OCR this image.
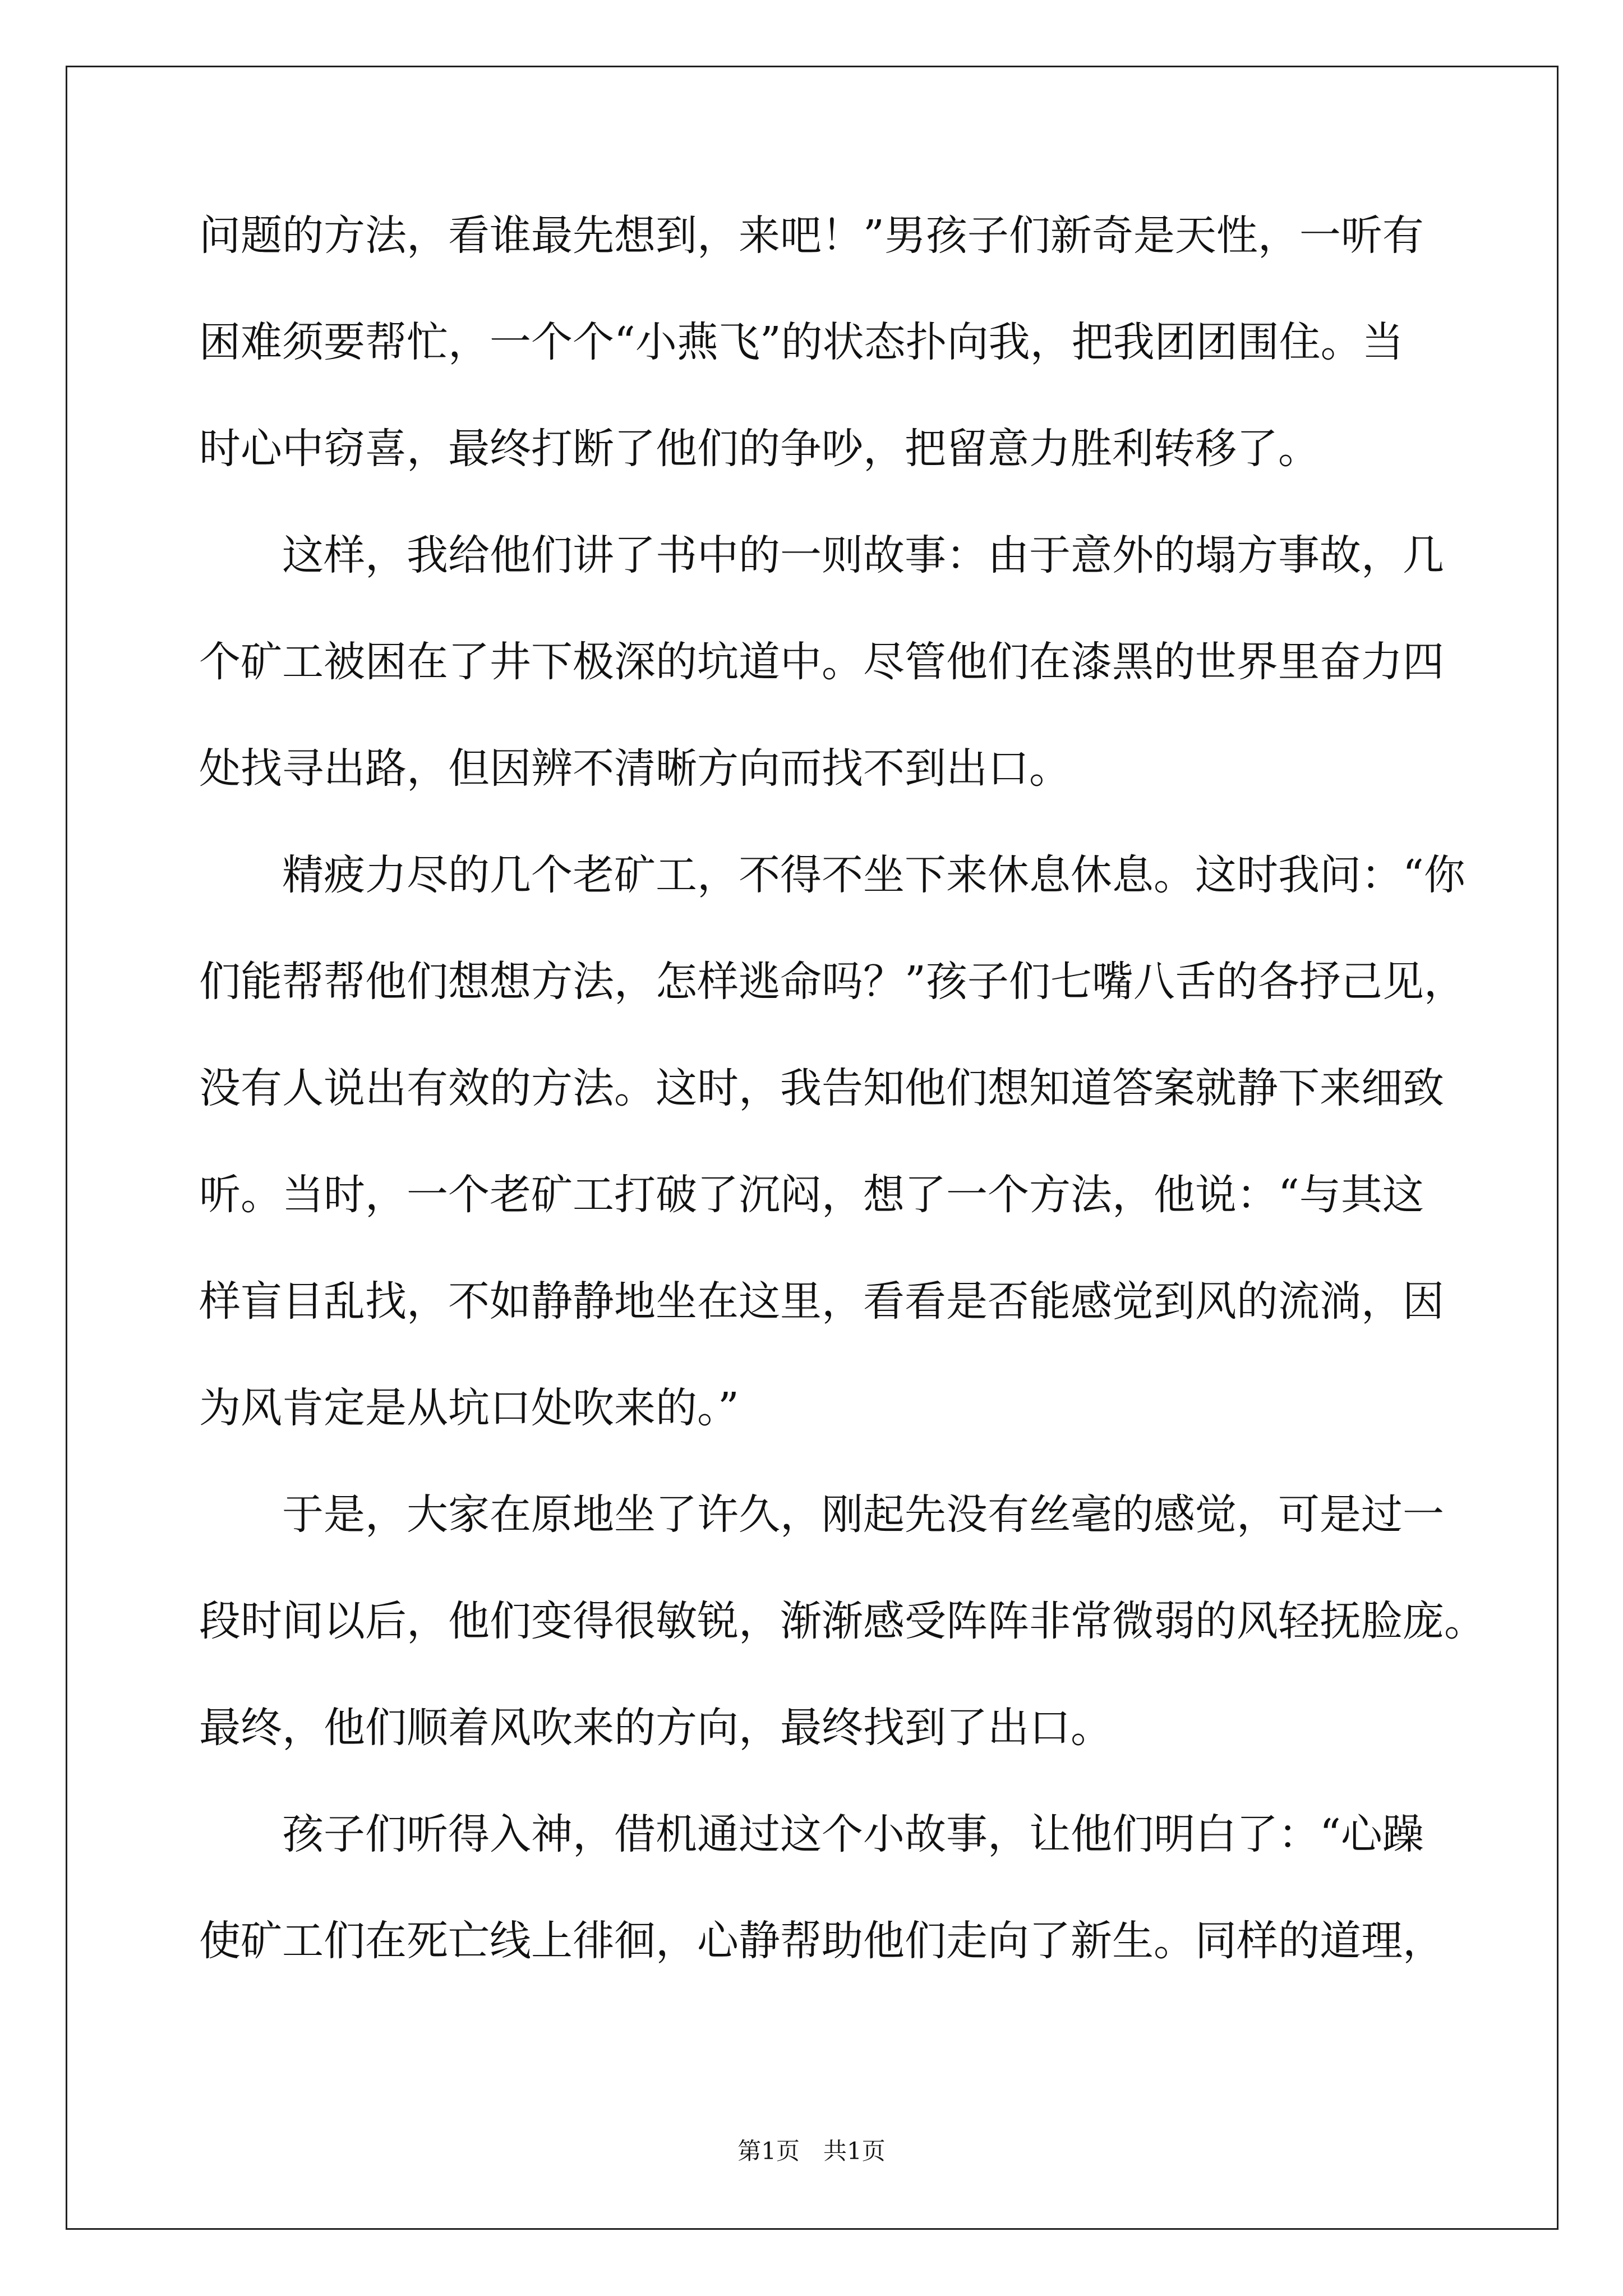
问题的方法，看谁最先想到，来吧！”男孩子们新奇是天性，一听有
困难须要帮忙，一个个“小燕飞”的状态扑向我，把我团团围住。当
时心中窃喜，最终打断了他们的争吵，把留意力胜利转移了。
这样，我给他们讲了书中的一则故事：由于意外的塌方事故，几
个矿工被困在了井下极深的坑道中。尽管他们在漆黑的世界里奋力四
处找寻出路，但因辨不清晰方向而找不到出口。
精疲力尽的几个老矿工，不得不坐下来休息休息。这时我问：“你
们能帮帮他们想想方法，怎样逃命吗？”孩子们七嘴八舌的各抒己见，
没有人说出有效的方法。这时，我告知他们想知道答案就静下来细致
听。当时，一个老矿工打破了沉闷，想了一个方法，他说：“与其这
样盲目乱找，不如静静地坐在这里，看看是否能感觉到风的流淌，因
为风肯定是从坑口处吹来的。”
于是，大家在原地坐了许久，刚起先没有丝毫的感觉，可是过一
段时间以后，他们变得很敏锐，渐渐感受阵阵非常微弱的风轻抚脸庞。
最终，他们顺着风吹来的方向，最终找到了出口。
孩子们听得入神，借机通过这个小故事，让他们明白了：“心躁
使矿工们在死亡线上徘徊，心静帮助他们走向了新生。同样的道理，
第1页　共1页
